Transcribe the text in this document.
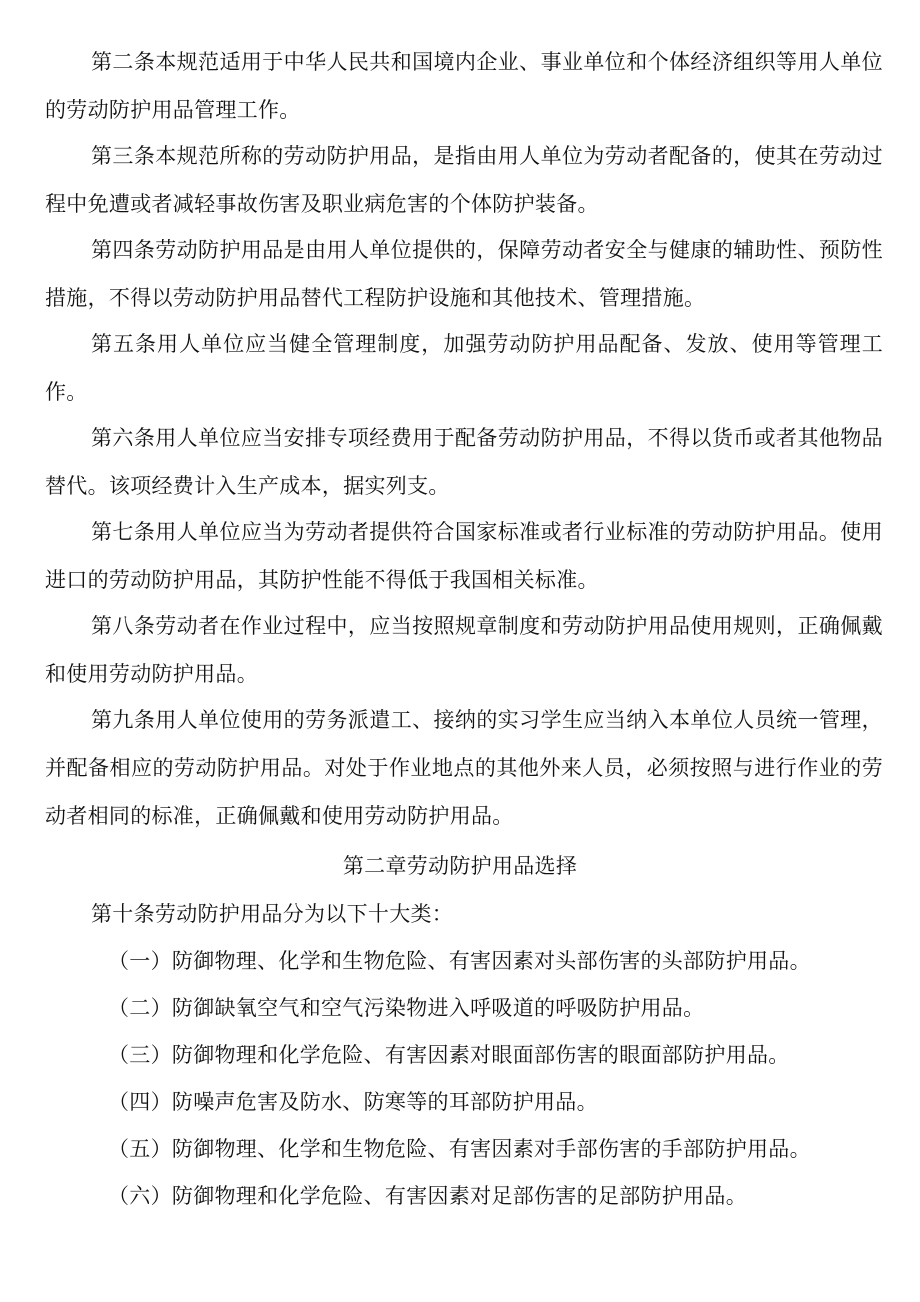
第二条本规范适用于中华人民共和国境内企业、事业单位和个体经济组织等用人单位的劳动防护用品管理工作。

第三条本规范所称的劳动防护用品，是指由用人单位为劳动者配备的，使其在劳动过程中免遭或者减轻事故伤害及职业病危害的个体防护装备。

第四条劳动防护用品是由用人单位提供的，保障劳动者安全与健康的辅助性、预防性措施，不得以劳动防护用品替代工程防护设施和其他技术、管理措施。

第五条用人单位应当健全管理制度，加强劳动防护用品配备、发放、使用等管理工作。

第六条用人单位应当安排专项经费用于配备劳动防护用品，不得以货币或者其他物品替代。该项经费计入生产成本，据实列支。

第七条用人单位应当为劳动者提供符合国家标准或者行业标准的劳动防护用品。使用进口的劳动防护用品，其防护性能不得低于我国相关标准。

第八条劳动者在作业过程中，应当按照规章制度和劳动防护用品使用规则，正确佩戴和使用劳动防护用品。

第九条用人单位使用的劳务派遣工、接纳的实习学生应当纳入本单位人员统一管理，并配备相应的劳动防护用品。对处于作业地点的其他外来人员，必须按照与进行作业的劳动者相同的标准，正确佩戴和使用劳动防护用品。

第二章劳动防护用品选择

第十条劳动防护用品分为以下十大类：

（一）防御物理、化学和生物危险、有害因素对头部伤害的头部防护用品。

（二）防御缺氧空气和空气污染物进入呼吸道的呼吸防护用品。

（三）防御物理和化学危险、有害因素对眼面部伤害的眼面部防护用品。

（四）防噪声危害及防水、防寒等的耳部防护用品。

（五）防御物理、化学和生物危险、有害因素对手部伤害的手部防护用品。

（六）防御物理和化学危险、有害因素对足部伤害的足部防护用品。
